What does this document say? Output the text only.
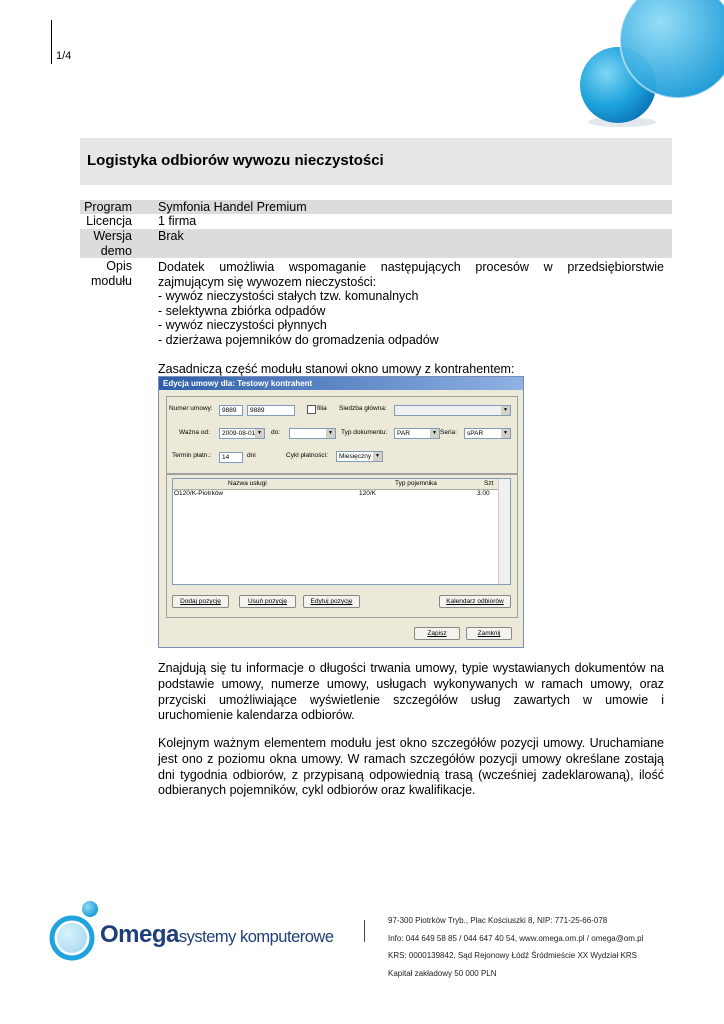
1/4
Logistyka odbiorów wywozu nieczystości
Program Symfonia Handel Premium
Licencja 1 firma
Wersja demo
Brak
Opis modułu

Dodatek umożliwia wspomaganie następujących procesów w przedsiębiorstwie zajmującym się wywozem nieczystości:

- wywóz nieczystości stałych tzw. komunalnych

- selektywna zbiórka odpadów

- wywóz nieczystości płynnych

- dzierżawa pojemników do gromadzenia odpadów

Zasadniczą część modułu stanowi okno umowy z kontrahentem:

Edycja umowy dla: Testowy kontrahent
Numer umowy:	9889	9889	filia Siedzba główna:
▼
Ważna od:	2009-08-01 ▼	do:
▼	Typ dokumentu:	PAR ▼	Seria:	sPAR ▼
Termin płatn.:	14	dni	Cykl płatności:	Miesięczny ▼
Nazwa usługi	Typ pojemnika	Szt
O120/K-Piotrków	120/K	3.00
Dodaj pozycję	Usuń pozycję	Edytuj pozycję	Kalendarz odbiorów
Zapisz	Zamknij

Znajdują się tu informacje o długości trwania umowy, typie wystawianych dokumentów na podstawie umowy, numerze umowy, usługach wykonywanych w ramach umowy, oraz przyciski umożliwiające wyświetlenie szczegółów usług zawartych w umowie i uruchomienie kalendarza odbiorów.

Kolejnym ważnym elementem modułu jest okno szczegółów pozycji umowy. Uruchamiane jest ono z poziomu okna umowy. W ramach szczegółów pozycji umowy określane zostają dni tygodnia odbiorów, z przypisaną odpowiednią trasą (wcześniej zadeklarowaną), ilość odbieranych pojemników, cykl odbiorów oraz kwalifikacje.

Omegasystemy komputerowe
97-300 Piotrków Tryb., Plac Kościuszki 8, NIP: 771-25-66-078
Info: 044 649 58 85 / 044 647 40 54, www.omega.om.pl / omega@om.pl
KRS: 0000139842, Sąd Rejonowy Łódź Śródmieście XX Wydział KRS
Kapitał zakładowy 50 000 PLN
